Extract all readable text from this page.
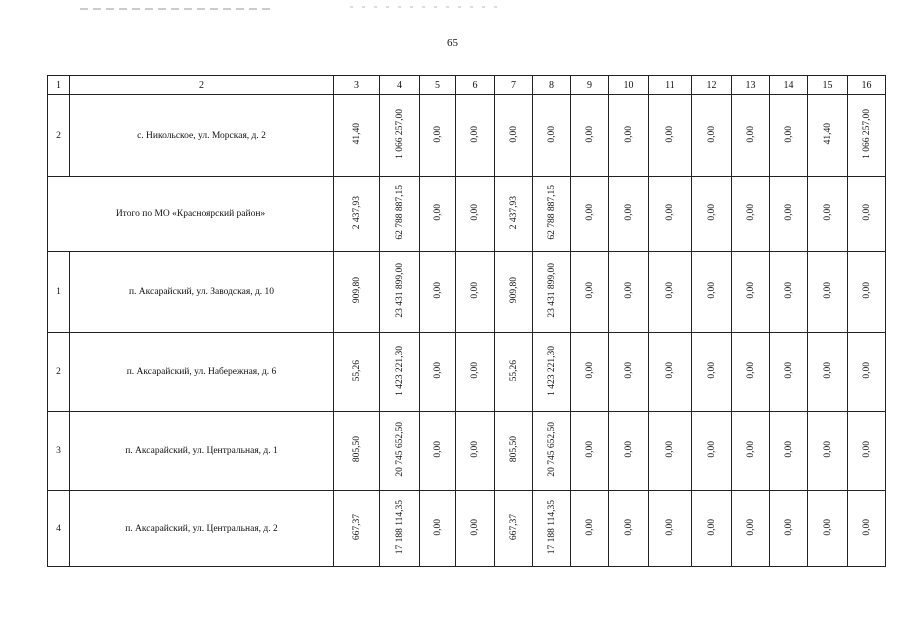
65
1	2	3	4	5	6	7	8	9	10	11	12	13	14	15	16
2	с. Никольское, ул. Морская, д. 2	41,40	1 066 257,00	0,00	0,00	0,00	0,00	0,00	0,00	0,00	0,00	0,00	0,00	41,40	1 066 257,00
Итого по МО «Красноярский район»		2 437,93	62 788 887,15	0,00	0,00	2 437,93	62 788 887,15	0,00	0,00	0,00	0,00	0,00	0,00	0,00	0,00
1	п. Аксарайский, ул. Заводская, д. 10	909,80	23 431 899,00	0,00	0,00	909,80	23 431 899,00	0,00	0,00	0,00	0,00	0,00	0,00	0,00	0,00
2	п. Аксарайский, ул. Набережная, д. 6	55,26	1 423 221,30	0,00	0,00	55,26	1 423 221,30	0,00	0,00	0,00	0,00	0,00	0,00	0,00	0,00
3	п. Аксарайский, ул. Центральная, д. 1	805,50	20 745 652,50	0,00	0,00	805,50	20 745 652,50	0,00	0,00	0,00	0,00	0,00	0,00	0,00	0,00
4	п. Аксарайский, ул. Центральная, д. 2	667,37	17 188 114,35	0,00	0,00	667,37	17 188 114,35	0,00	0,00	0,00	0,00	0,00	0,00	0,00	0,00
